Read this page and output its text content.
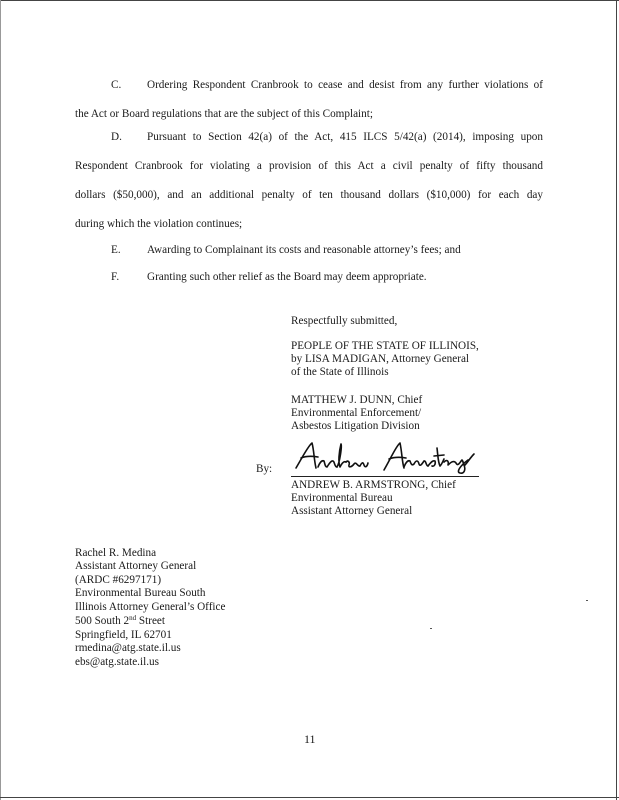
C. Ordering Respondent Cranbrook to cease and desist from any further violations of
the Act or Board regulations that are the subject of this Complaint;
D. Pursuant to Section 42(a) of the Act, 415 ILCS 5/42(a) (2014), imposing upon
Respondent Cranbrook for violating a provision of this Act a civil penalty of fifty thousand
dollars ($50,000), and an additional penalty of ten thousand dollars ($10,000) for each day
during which the violation continues;
E. Awarding to Complainant its costs and reasonable attorney’s fees; and
F. Granting such other relief as the Board may deem appropriate.
Respectfully submitted,
PEOPLE OF THE STATE OF ILLINOIS,
by LISA MADIGAN, Attorney General
of the State of Illinois
MATTHEW J. DUNN, Chief
Environmental Enforcement/
Asbestos Litigation Division
By:
ANDREW B. ARMSTRONG, Chief
Environmental Bureau
Assistant Attorney General
Rachel R. Medina
Assistant Attorney General
(ARDC #6297171)
Environmental Bureau South
Illinois Attorney General’s Office
500 South 2nd Street
Springfield, IL 62701
rmedina@atg.state.il.us
ebs@atg.state.il.us
11
